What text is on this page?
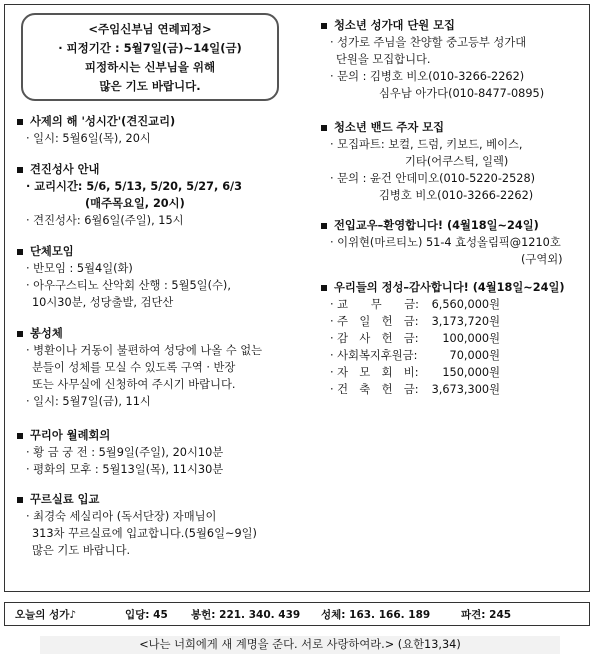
<주임신부님 연례피정>
· 피정기간 : 5월7일(금)~14일(금)
피정하시는 신부님을 위해
많은 기도 바랍니다.
사제의 해 '성시간'(견진교리)
· 일시: 5월6일(목), 20시
견진성사 안내
· 교리시간: 5/6, 5/13, 5/20, 5/27, 6/3
(매주목요일, 20시)
· 견진성사: 6월6일(주일), 15시
단체모임
· 반모임 : 5월4일(화)
· 아우구스티노 산악회 산행 : 5월5일(수),
10시30분, 성당출발, 검단산
봉성체
· 병환이나 거동이 불편하여 성당에 나올 수 없는
분들이 성체를 모실 수 있도록 구역 · 반장
또는 사무실에 신청하여 주시기 바랍니다.
· 일시: 5월7일(금), 11시
꾸리아 월례회의
· 황 금 궁 전 : 5월9일(주일), 20시10분
· 평화의 모후 : 5월13일(목), 11시30분
꾸르실료 입교
· 최경숙 세실리아 (독서단장) 자매님이
313차 꾸르실료에 입교합니다.(5월6일~9일)
많은 기도 바랍니다.
청소년 성가대 단원 모집
· 성가로 주님을 찬양할 중고등부 성가대
단원을 모집합니다.
· 문의 : 김병호 비오(010-3266-2262)
심우남 아가다(010-8477-0895)
청소년 밴드 주자 모집
· 모집파트: 보컬, 드럼, 키보드, 베이스,
기타(어쿠스틱, 일렉)
· 문의 : 윤건 안데미오(010-5220-2528)
김병호 비오(010-3266-2262)
전입교우–환영합니다! (4월18일~24일)
· 이위현(마르티노) 51-4 효성올림픽@1210호
(구역외)
우리들의 정성–감사합니다! (4월18일~24일)
· 교　　무　　금:	6,560,000원
· 주　일　헌　금:	3,173,720원
· 감　사　헌　금:	100,000원
· 사회복지후원금:	70,000원
· 자　모　회　비:	150,000원
· 건　축　헌　금:	3,673,300원
오늘의 성가♪	입당: 45	봉헌: 221. 340. 439	성체: 163. 166. 189	파견: 245
<나는 너희에게 새 계명을 준다. 서로 사랑하여라.> (요한13,34)
